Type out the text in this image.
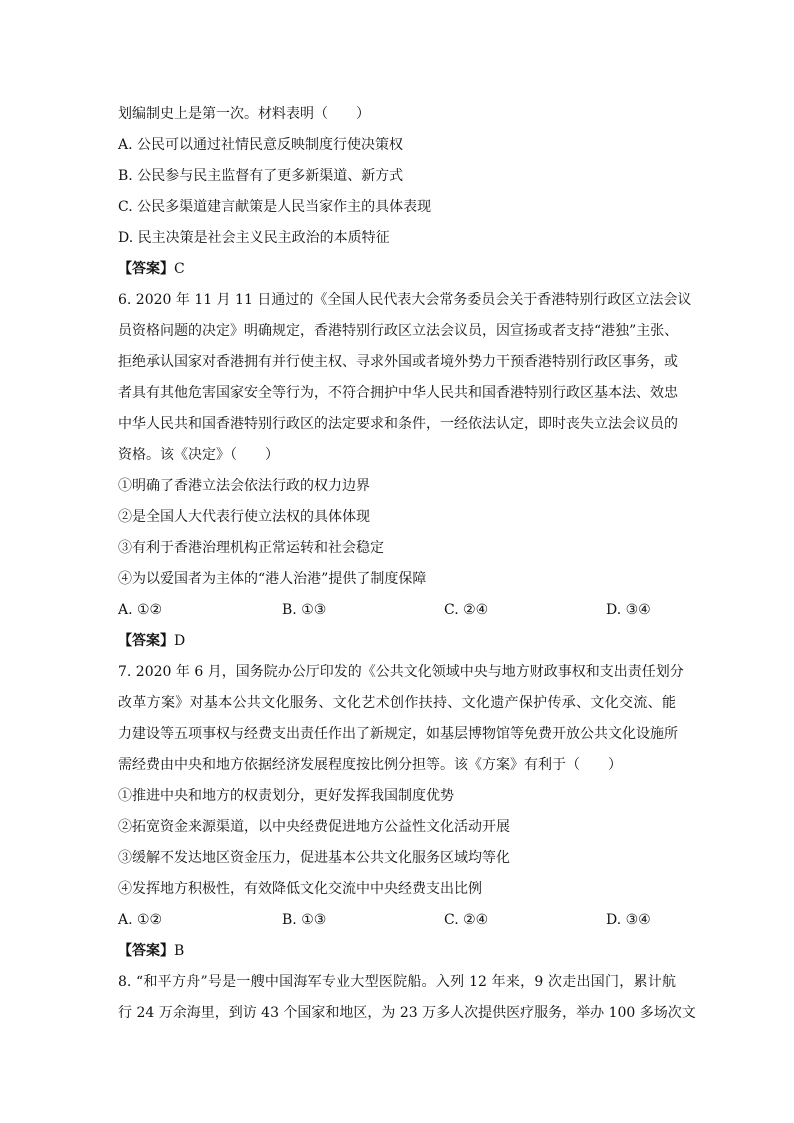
划编制史上是第一次。材料表明（　　）
A. 公民可以通过社情民意反映制度行使决策权
B. 公民参与民主监督有了更多新渠道、新方式
C. 公民多渠道建言献策是人民当家作主的具体表现
D. 民主决策是社会主义民主政治的本质特征
【答案】C
6. 2020 年 11 月 11 日通过的《全国人民代表大会常务委员会关于香港特别行政区立法会议
员资格问题的决定》明确规定，香港特别行政区立法会议员，因宣扬或者支持“港独”主张、
拒绝承认国家对香港拥有并行使主权、寻求外国或者境外势力干预香港特别行政区事务，或
者具有其他危害国家安全等行为，不符合拥护中华人民共和国香港特别行政区基本法、效忠
中华人民共和国香港特别行政区的法定要求和条件，一经依法认定，即时丧失立法会议员的
资格。该《决定》（　　）
①明确了香港立法会依法行政的权力边界
②是全国人大代表行使立法权的具体体现
③有利于香港治理机构正常运转和社会稳定
④为以爱国者为主体的“港人治港”提供了制度保障
A. ①②	B. ①③	C. ②④	D. ③④
【答案】D
7. 2020 年 6 月，国务院办公厅印发的《公共文化领域中央与地方财政事权和支出责任划分
改革方案》对基本公共文化服务、文化艺术创作扶持、文化遗产保护传承、文化交流、能
力建设等五项事权与经费支出责任作出了新规定，如基层博物馆等免费开放公共文化设施所
需经费由中央和地方依据经济发展程度按比例分担等。该《方案》有利于（　　）
①推进中央和地方的权责划分，更好发挥我国制度优势
②拓宽资金来源渠道，以中央经费促进地方公益性文化活动开展
③缓解不发达地区资金压力，促进基本公共文化服务区域均等化
④发挥地方积极性，有效降低文化交流中中央经费支出比例
A. ①②	B. ①③	C. ②④	D. ③④
【答案】B
8. “和平方舟”号是一艘中国海军专业大型医院船。入列 12 年来，9 次走出国门，累计航
行 24 万余海里，到访 43 个国家和地区，为 23 万多人次提供医疗服务，举办 100 多场次文
